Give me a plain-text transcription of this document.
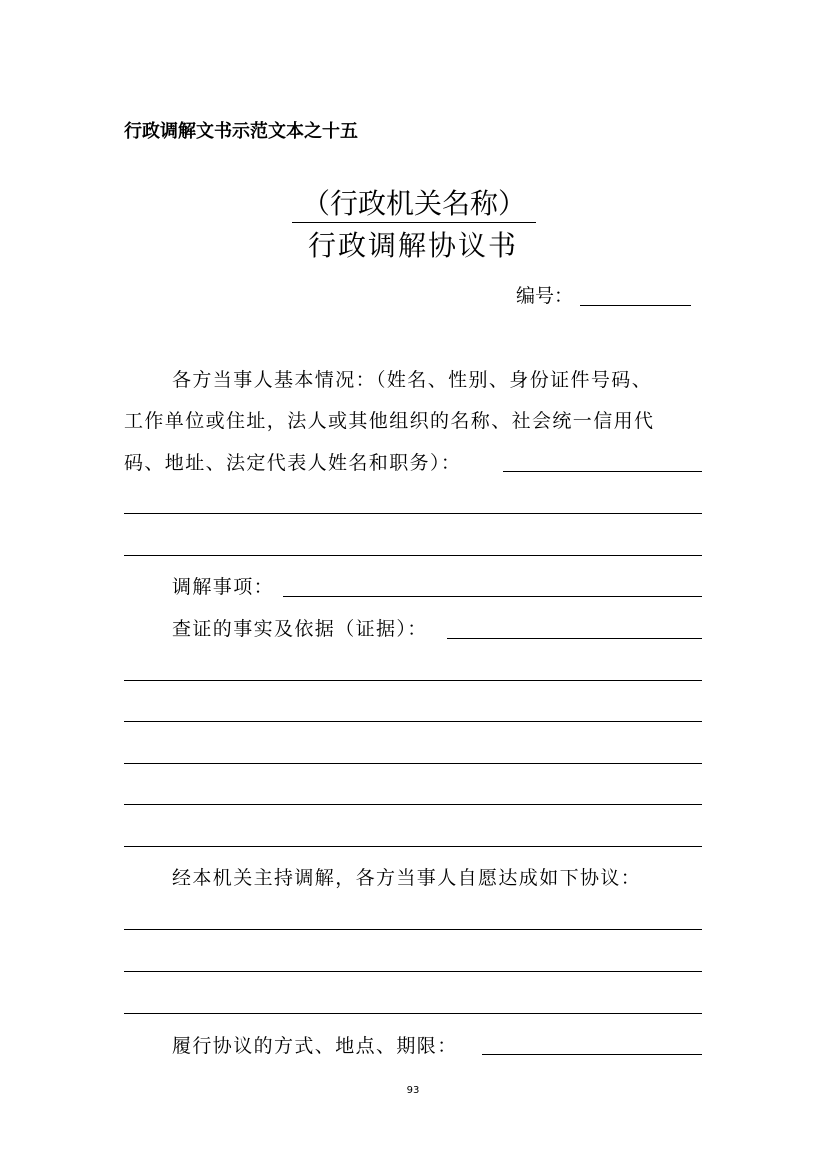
行政调解文书示范文本之十五
（行政机关名称）
行政调解协议书
编号：
各方当事人基本情况：（姓名、性别、身份证件号码、
工作单位或住址，法人或其他组织的名称、社会统一信用代
码、地址、法定代表人姓名和职务）：
调解事项：
查证的事实及依据（证据）：
经本机关主持调解，各方当事人自愿达成如下协议：
履行协议的方式、地点、期限：
93
